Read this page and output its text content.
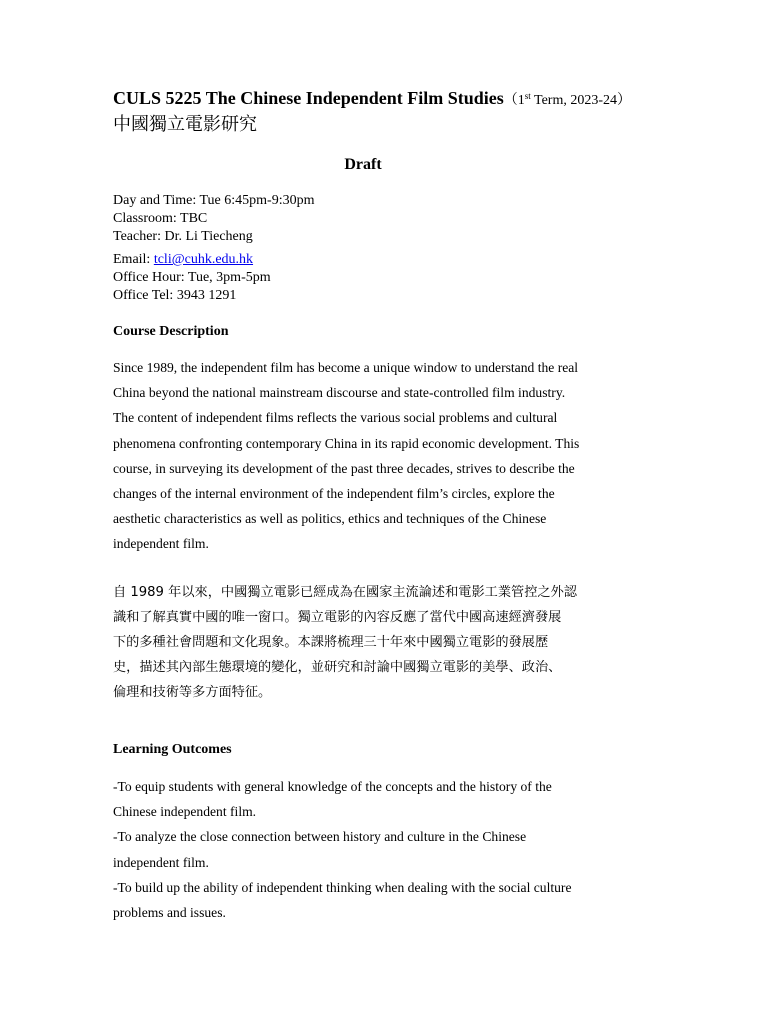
CULS 5225 The Chinese Independent Film Studies（1st Term, 2023-24）
中國獨立電影研究
Draft
Day and Time: Tue 6:45pm-9:30pm
Classroom: TBC
Teacher: Dr. Li Tiecheng
Email: tcli@cuhk.edu.hk
Office Hour: Tue, 3pm-5pm
Office Tel: 3943 1291
Course Description
Since 1989, the independent film has become a unique window to understand the real
China beyond the national mainstream discourse and state-controlled film industry.
The content of independent films reflects the various social problems and cultural
phenomena confronting contemporary China in its rapid economic development. This
course, in surveying its development of the past three decades, strives to describe the
changes of the internal environment of the independent film’s circles, explore the
aesthetic characteristics as well as politics, ethics and techniques of the Chinese
independent film.
自 1989 年以來，中國獨立電影已經成為在國家主流論述和電影工業管控之外認
識和了解真實中國的唯一窗口。獨立電影的內容反應了當代中國高速經濟發展
下的多種社會問題和文化現象。本課將梳理三十年來中國獨立電影的發展歷
史，描述其內部生態環境的變化，並研究和討論中國獨立電影的美學、政治、
倫理和技術等多方面特征。
Learning Outcomes
-To equip students with general knowledge of the concepts and the history of the
Chinese independent film.
-To analyze the close connection between history and culture in the Chinese
independent film.
-To build up the ability of independent thinking when dealing with the social culture
problems and issues.
